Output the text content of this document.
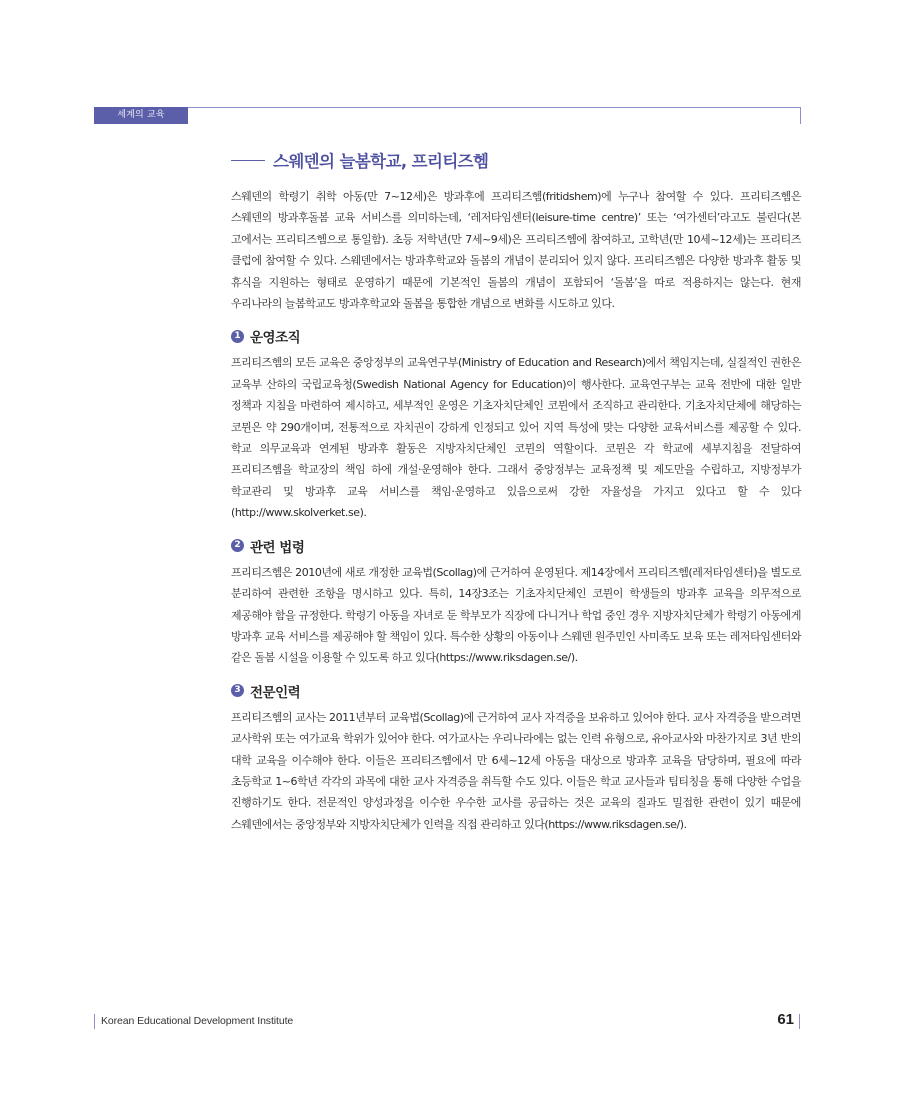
세계의 교육
스웨덴의 늘봄학교, 프리티즈헴

스웨덴의 학령기 취학 아동(만 7~12세)은 방과후에 프리티즈헴(fritidshem)에 누구나 참여할 수 있다. 프리티즈헴은 스웨덴의 방과후돌봄 교육 서비스를 의미하는데, ‘레저타임센터(leisure-time centre)’ 또는 ‘여가센터’라고도 불린다(본 고에서는 프리티즈헴으로 통일함). 초등 저학년(만 7세~9세)은 프리티즈헴에 참여하고, 고학년(만 10세~12세)는 프리티즈 클럽에 참여할 수 있다. 스웨덴에서는 방과후학교와 돌봄의 개념이 분리되어 있지 않다. 프리티즈헴은 다양한 방과후 활동 및 휴식을 지원하는 형태로 운영하기 때문에 기본적인 돌봄의 개념이 포함되어 ‘돌봄’을 따로 적용하지는 않는다. 현재 우리나라의 늘봄학교도 방과후학교와 돌봄을 통합한 개념으로 변화를 시도하고 있다.

1 운영조직

프리티즈헴의 모든 교육은 중앙정부의 교육연구부(Ministry of Education and Research)에서 책임지는데, 실질적인 권한은 교육부 산하의 국립교육청(Swedish National Agency for Education)이 행사한다. 교육연구부는 교육 전반에 대한 일반 정책과 지침을 마련하여 제시하고, 세부적인 운영은 기초자치단체인 코뮌에서 조직하고 관리한다. 기초자치단체에 해당하는 코뮌은 약 290개이며, 전통적으로 자치권이 강하게 인정되고 있어 지역 특성에 맞는 다양한 교육서비스를 제공할 수 있다. 학교 의무교육과 연계된 방과후 활동은 지방자치단체인 코뮌의 역할이다. 코뮌은 각 학교에 세부지침을 전달하여 프리티즈헴을 학교장의 책임 하에 개설·운영해야 한다. 그래서 중앙정부는 교육정책 및 제도만을 수립하고, 지방정부가 학교관리 및 방과후 교육 서비스를 책임·운영하고 있음으로써 강한 자율성을 가지고 있다고 할 수 있다(http://www.skolverket.se).

2 관련 법령

프리티즈헴은 2010년에 새로 개정한 교육법(Scollag)에 근거하여 운영된다. 제14장에서 프리티즈헴(레저타임센터)을 별도로 분리하여 관련한 조항을 명시하고 있다. 특히, 14장3조는 기초자치단체인 코뮌이 학생들의 방과후 교육을 의무적으로 제공해야 함을 규정한다. 학령기 아동을 자녀로 둔 학부모가 직장에 다니거나 학업 중인 경우 지방자치단체가 학령기 아동에게 방과후 교육 서비스를 제공해야 할 책임이 있다. 특수한 상황의 아동이나 스웨덴 원주민인 사미족도 보육 또는 레저타임센터와 같은 돌봄 시설을 이용할 수 있도록 하고 있다(https://www.riksdagen.se/).

3 전문인력

프리티즈헴의 교사는 2011년부터 교육법(Scollag)에 근거하여 교사 자격증을 보유하고 있어야 한다. 교사 자격증을 받으려면 교사학위 또는 여가교육 학위가 있어야 한다. 여가교사는 우리나라에는 없는 인력 유형으로, 유아교사와 마찬가지로 3년 반의 대학 교육을 이수해야 한다. 이들은 프리티즈헴에서 만 6세~12세 아동을 대상으로 방과후 교육을 담당하며, 필요에 따라 초등학교 1~6학년 각각의 과목에 대한 교사 자격증을 취득할 수도 있다. 이들은 학교 교사들과 팀티칭을 통해 다양한 수업을 진행하기도 한다. 전문적인 양성과정을 이수한 우수한 교사를 공급하는 것은 교육의 질과도 밀접한 관련이 있기 때문에 스웨덴에서는 중앙정부와 지방자치단체가 인력을 직접 관리하고 있다(https://www.riksdagen.se/).

Korean Educational Development Institute	61
